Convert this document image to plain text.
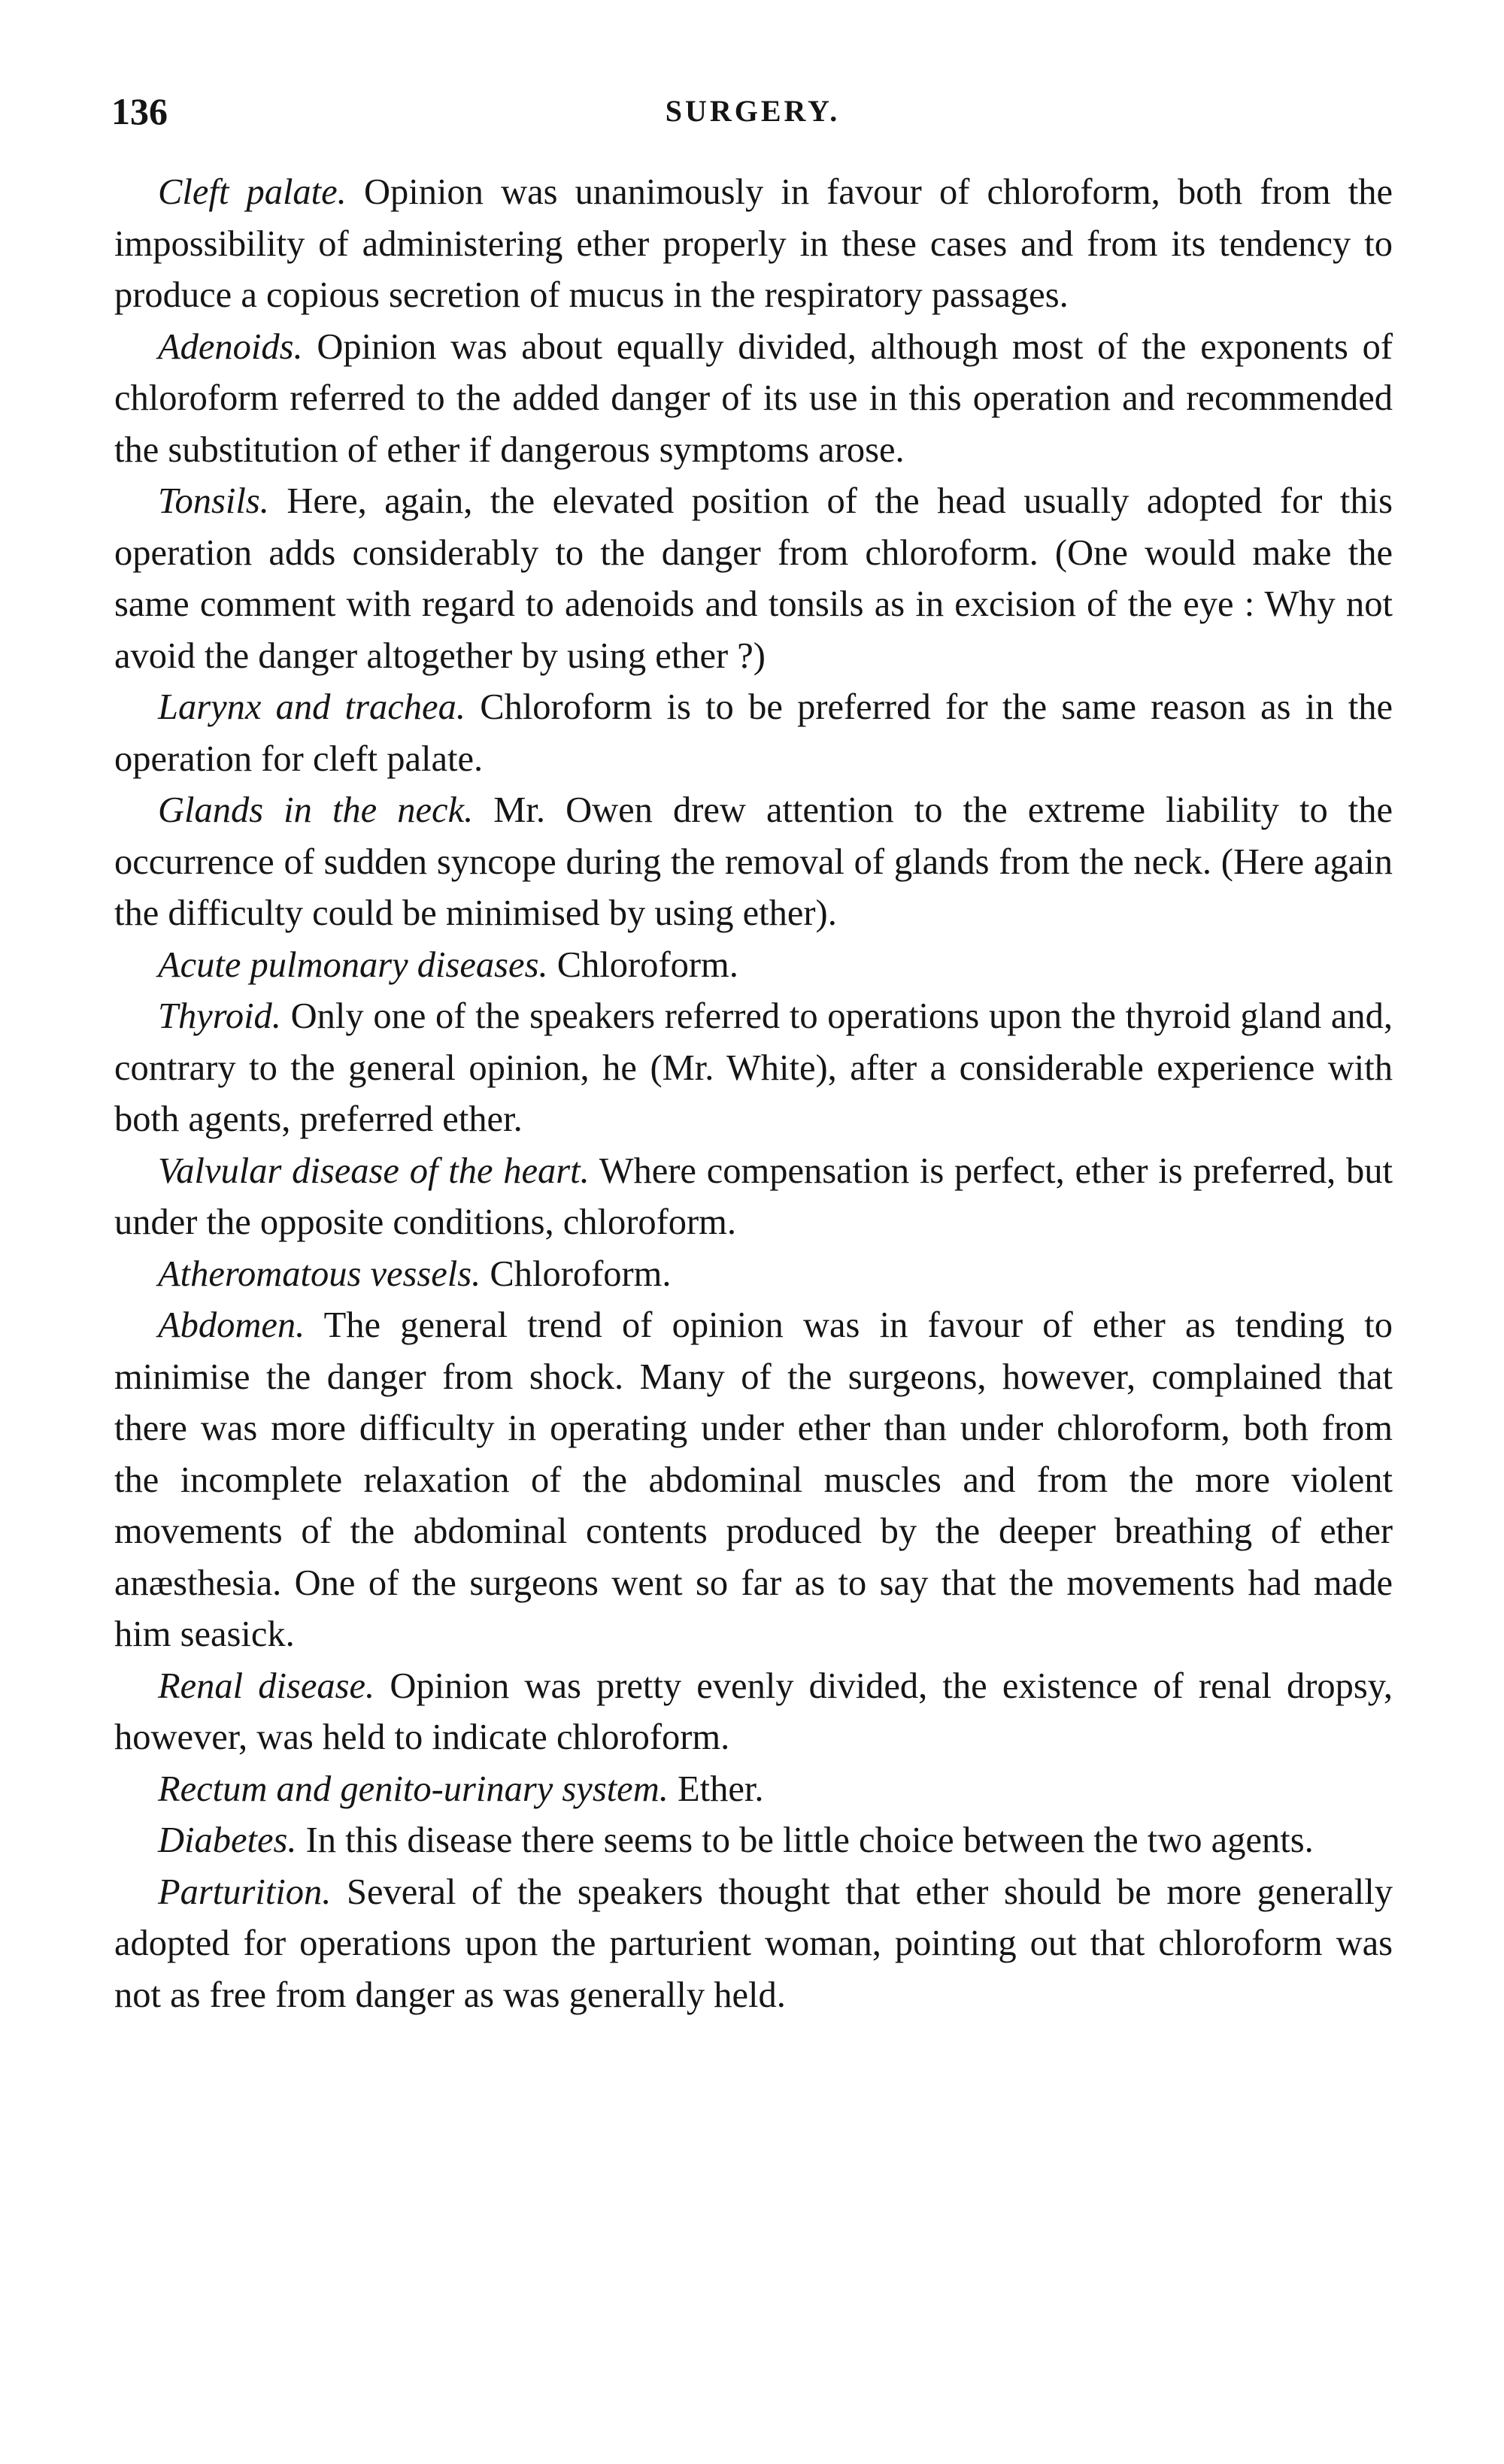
136	SURGERY.

Cleft palate. Opinion was unanimously in favour of chloroform, both from the impossibility of administering ether properly in these cases and from its tendency to produce a copious secretion of mucus in the respiratory passages.

Adenoids. Opinion was about equally divided, although most of the exponents of chloroform referred to the added danger of its use in this operation and recommended the substitution of ether if dangerous symptoms arose.

Tonsils. Here, again, the elevated position of the head usually adopted for this operation adds considerably to the danger from chloroform. (One would make the same comment with regard to adenoids and tonsils as in excision of the eye : Why not avoid the danger altogether by using ether ?)

Larynx and trachea. Chloroform is to be preferred for the same reason as in the operation for cleft palate.

Glands in the neck. Mr. Owen drew attention to the extreme liability to the occurrence of sudden syncope during the removal of glands from the neck. (Here again the difficulty could be minimised by using ether).

Acute pulmonary diseases. Chloroform.

Thyroid. Only one of the speakers referred to operations upon the thyroid gland and, contrary to the general opinion, he (Mr. White), after a considerable experience with both agents, preferred ether.

Valvular disease of the heart. Where compensation is perfect, ether is preferred, but under the opposite conditions, chloroform.

Atheromatous vessels. Chloroform.

Abdomen. The general trend of opinion was in favour of ether as tending to minimise the danger from shock. Many of the surgeons, however, complained that there was more difficulty in operating under ether than under chloroform, both from the incomplete relaxation of the abdominal muscles and from the more violent movements of the abdominal contents produced by the deeper breathing of ether anæsthesia. One of the surgeons went so far as to say that the movements had made him seasick.

Renal disease. Opinion was pretty evenly divided, the existence of renal dropsy, however, was held to indicate chloroform.

Rectum and genito-urinary system. Ether.

Diabetes. In this disease there seems to be little choice between the two agents.

Parturition. Several of the speakers thought that ether should be more generally adopted for operations upon the parturient woman, pointing out that chloroform was not as free from danger as was generally held.
